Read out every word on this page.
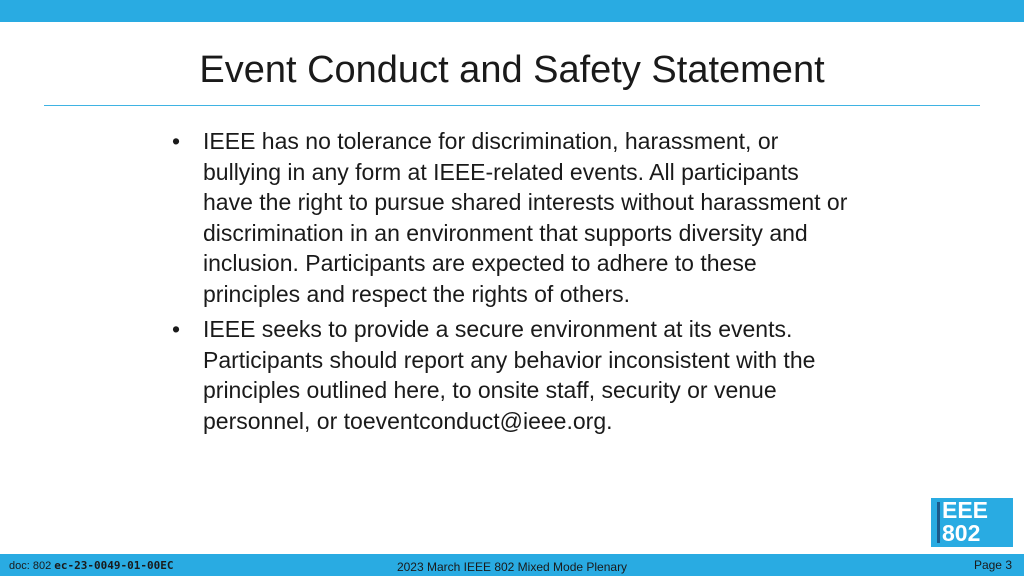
Event Conduct and Safety Statement
• IEEE has no tolerance for discrimination, harassment, or bullying in any form at IEEE-related events. All participants have the right to pursue shared interests without harassment or discrimination in an environment that supports diversity and inclusion. Participants are expected to adhere to these principles and respect the rights of others.
• IEEE seeks to provide a secure environment at its events. Participants should report any behavior inconsistent with the principles outlined here, to onsite staff, security or venue personnel, or toeventconduct@ieee.org.
EEE
802
doc: 802 ec-23-0049-01-00EC	2023 March IEEE 802 Mixed Mode Plenary	Page 3
